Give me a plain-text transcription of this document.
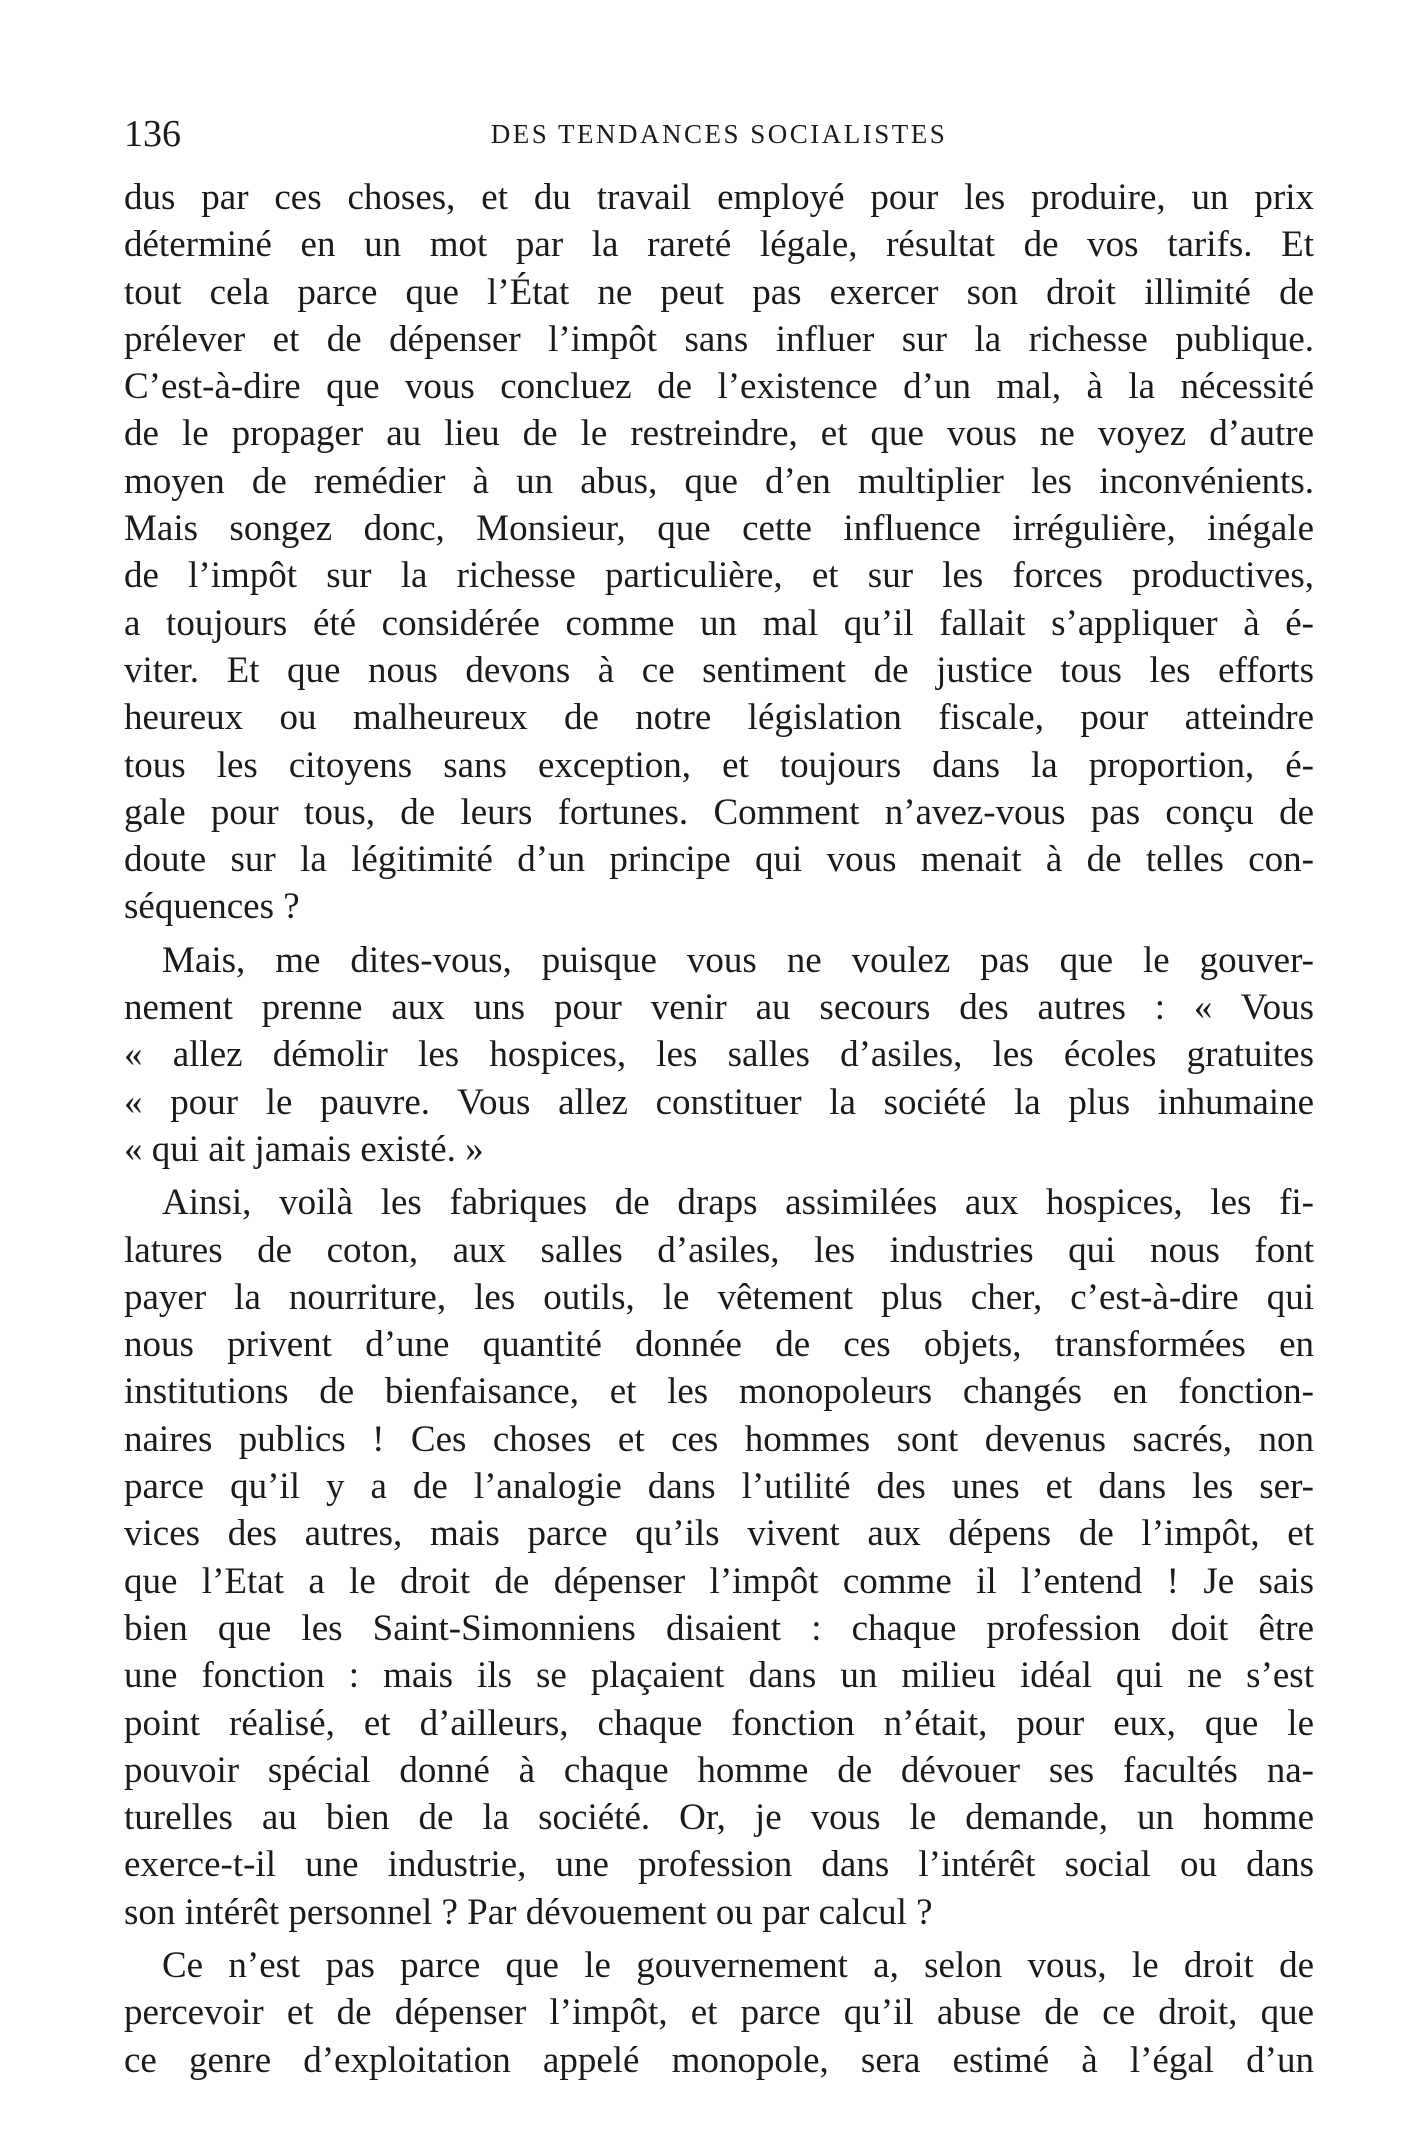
136	DES TENDANCES SOCIALISTES
dus par ces choses, et du travail employé pour les produire, un prix
déterminé en un mot par la rareté légale, résultat de vos tarifs. Et
tout cela parce que l’État ne peut pas exercer son droit illimité de
prélever et de dépenser l’impôt sans influer sur la richesse publique.
C’est-à-dire que vous concluez de l’existence d’un mal, à la nécessité
de le propager au lieu de le restreindre, et que vous ne voyez d’autre
moyen de remédier à un abus, que d’en multiplier les inconvénients.
Mais songez donc, Monsieur, que cette influence irrégulière, inégale
de l’impôt sur la richesse particulière, et sur les forces productives,
a toujours été considérée comme un mal qu’il fallait s’appliquer à é-
viter. Et que nous devons à ce sentiment de justice tous les efforts
heureux ou malheureux de notre législation fiscale, pour atteindre
tous les citoyens sans exception, et toujours dans la proportion, é-
gale pour tous, de leurs fortunes. Comment n’avez-vous pas conçu de
doute sur la légitimité d’un principe qui vous menait à de telles con-
séquences ?
Mais, me dites-vous, puisque vous ne voulez pas que le gouver-
nement prenne aux uns pour venir au secours des autres : « Vous
« allez démolir les hospices, les salles d’asiles, les écoles gratuites
« pour le pauvre. Vous allez constituer la société la plus inhumaine
« qui ait jamais existé. »
Ainsi, voilà les fabriques de draps assimilées aux hospices, les fi-
latures de coton, aux salles d’asiles, les industries qui nous font
payer la nourriture, les outils, le vêtement plus cher, c’est-à-dire qui
nous privent d’une quantité donnée de ces objets, transformées en
institutions de bienfaisance, et les monopoleurs changés en fonction-
naires publics ! Ces choses et ces hommes sont devenus sacrés, non
parce qu’il y a de l’analogie dans l’utilité des unes et dans les ser-
vices des autres, mais parce qu’ils vivent aux dépens de l’impôt, et
que l’Etat a le droit de dépenser l’impôt comme il l’entend ! Je sais
bien que les Saint-Simonniens disaient : chaque profession doit être
une fonction : mais ils se plaçaient dans un milieu idéal qui ne s’est
point réalisé, et d’ailleurs, chaque fonction n’était, pour eux, que le
pouvoir spécial donné à chaque homme de dévouer ses facultés na-
turelles au bien de la société. Or, je vous le demande, un homme
exerce-t-il une industrie, une profession dans l’intérêt social ou dans
son intérêt personnel ? Par dévouement ou par calcul ?
Ce n’est pas parce que le gouvernement a, selon vous, le droit de
percevoir et de dépenser l’impôt, et parce qu’il abuse de ce droit, que
ce genre d’exploitation appelé monopole, sera estimé à l’égal d’un
